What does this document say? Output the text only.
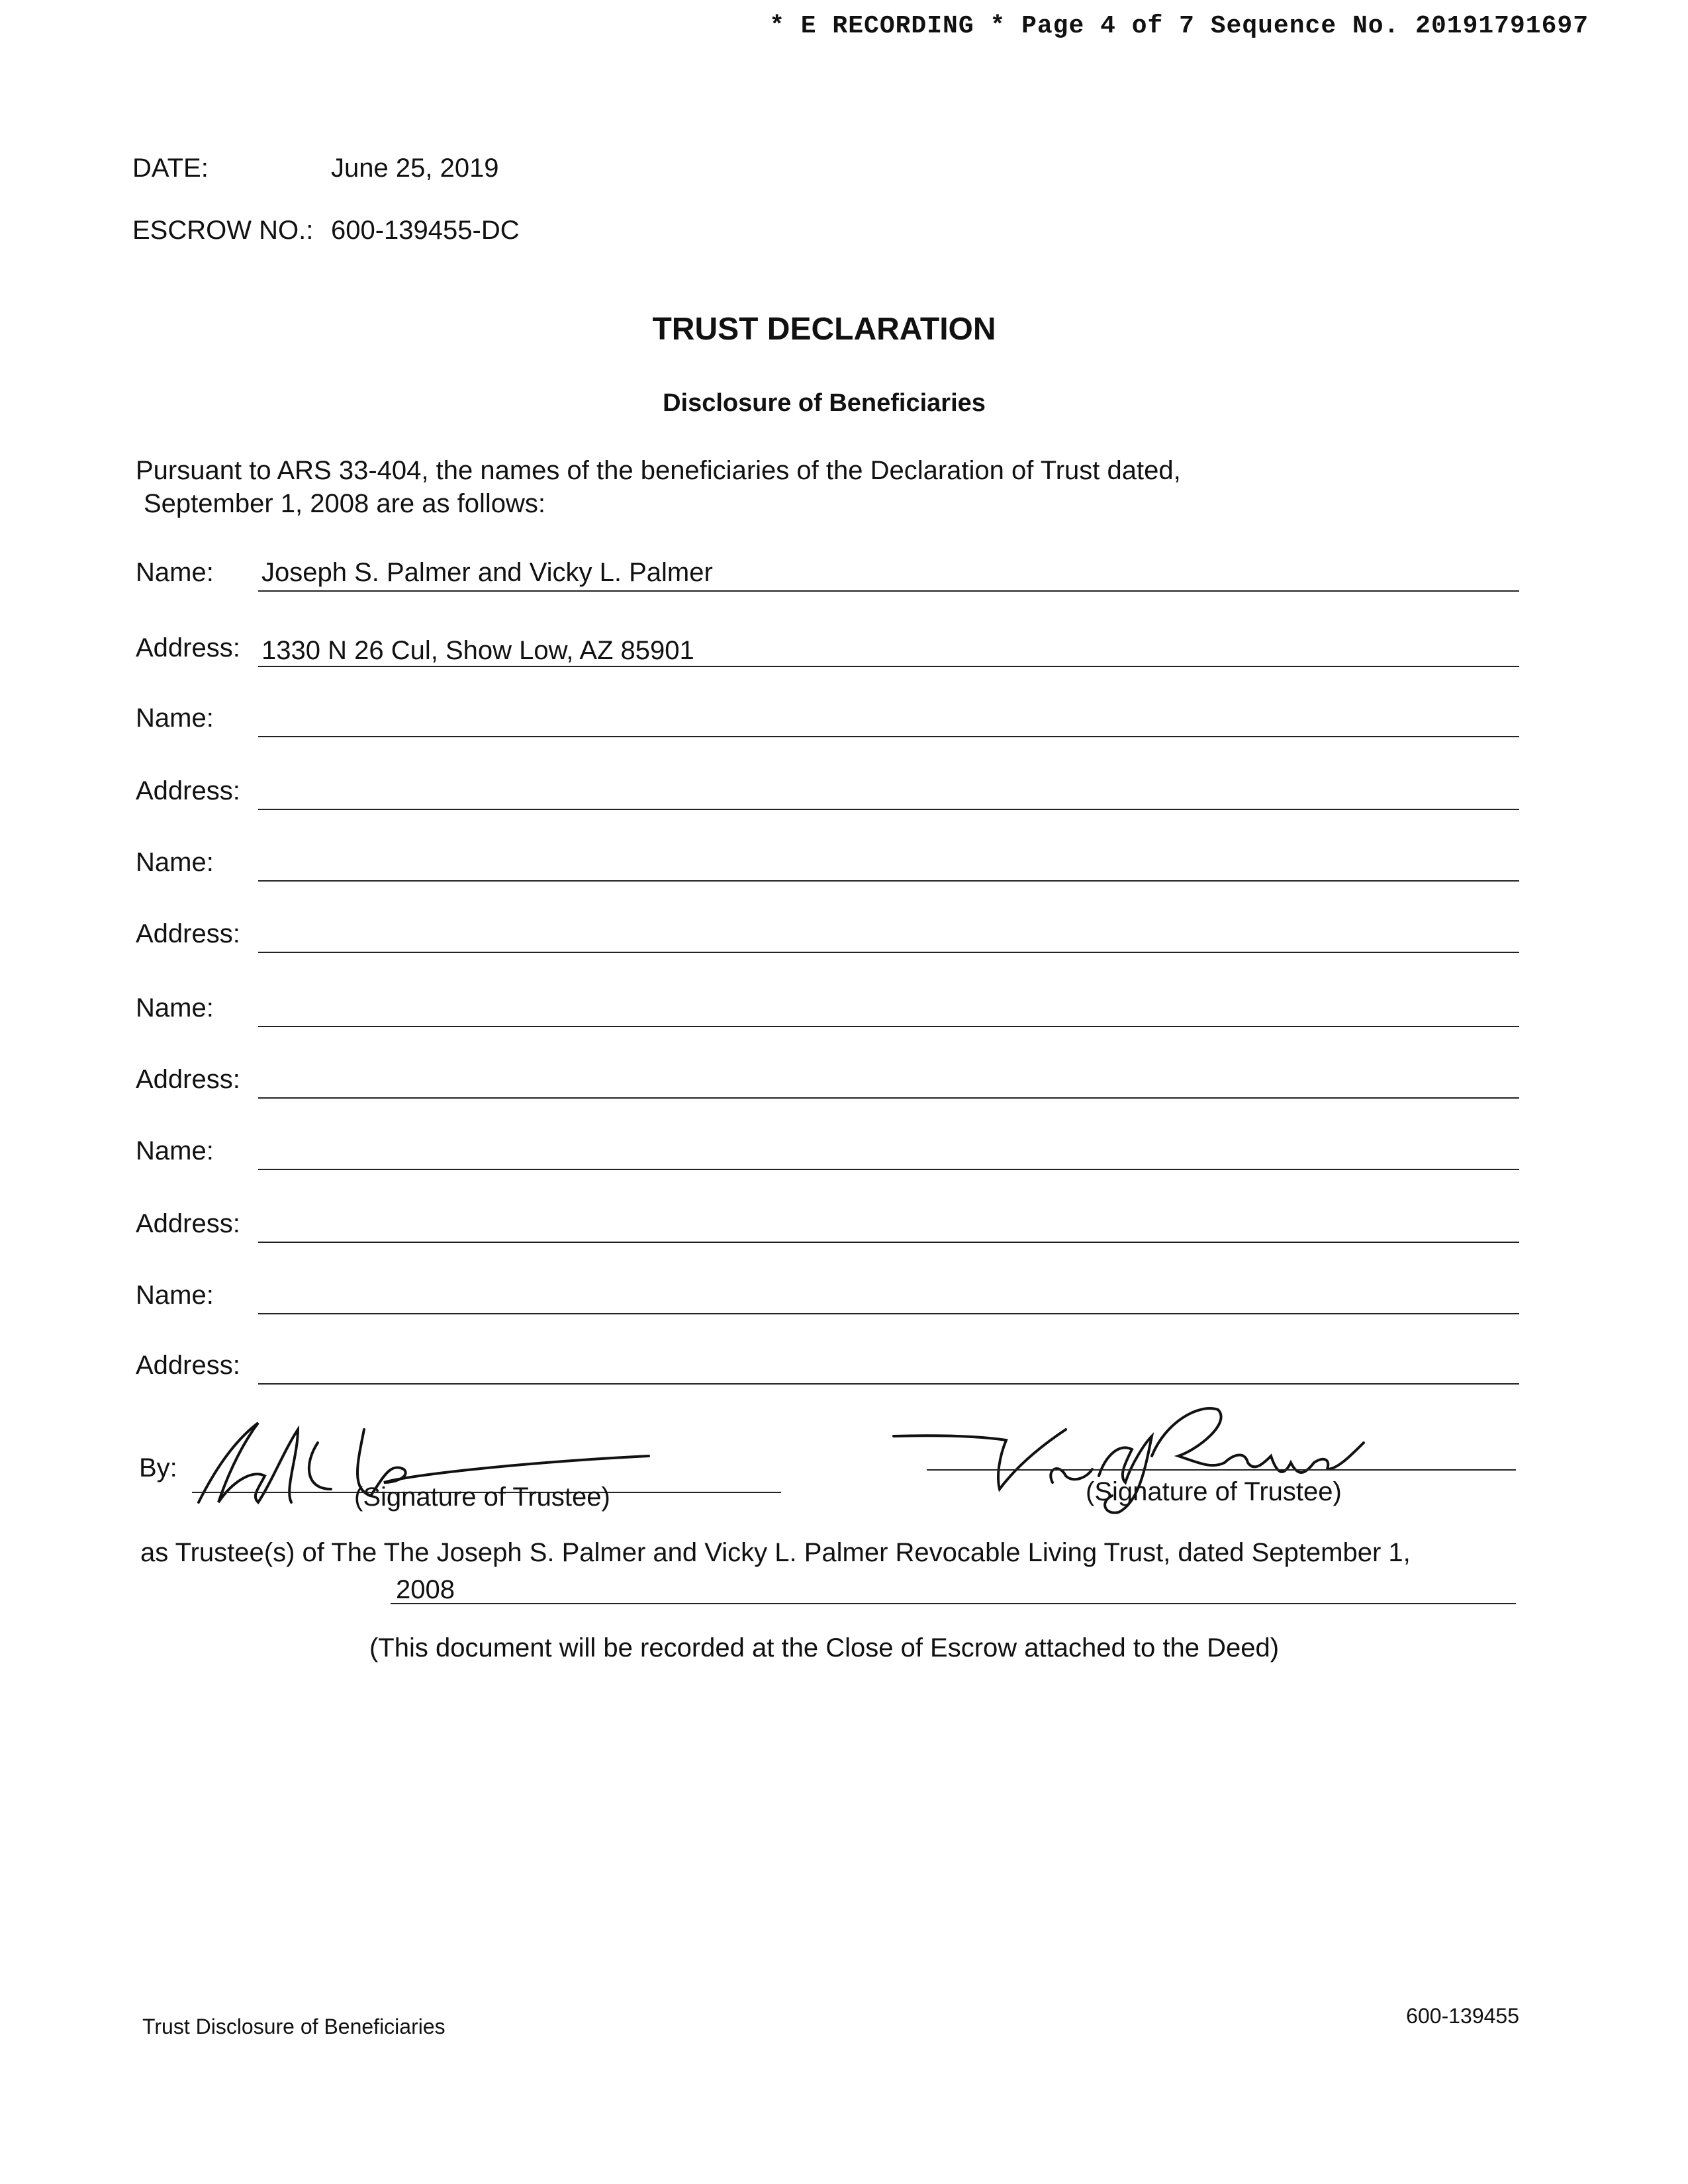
* E RECORDING * Page 4 of 7 Sequence No. 20191791697
DATE:	June 25, 2019
ESCROW NO.: 600-139455-DC
TRUST DECLARATION
Disclosure of Beneficiaries
Pursuant to ARS 33-404, the names of the beneficiaries of the Declaration of Trust dated,
September 1, 2008 are as follows:
Name: Joseph S. Palmer and Vicky L. Palmer
Address: 1330 N 26 Cul, Show Low, AZ 85901
Name:
Address:
Name:
Address:
Name:
Address:
Name:
Address:
Name:
Address:
By:
(Signature of Trustee)	(Signature of Trustee)
as Trustee(s) of The The Joseph S. Palmer and Vicky L. Palmer Revocable Living Trust, dated September 1,
2008
(This document will be recorded at the Close of Escrow attached to the Deed)
Trust Disclosure of Beneficiaries	600-139455
